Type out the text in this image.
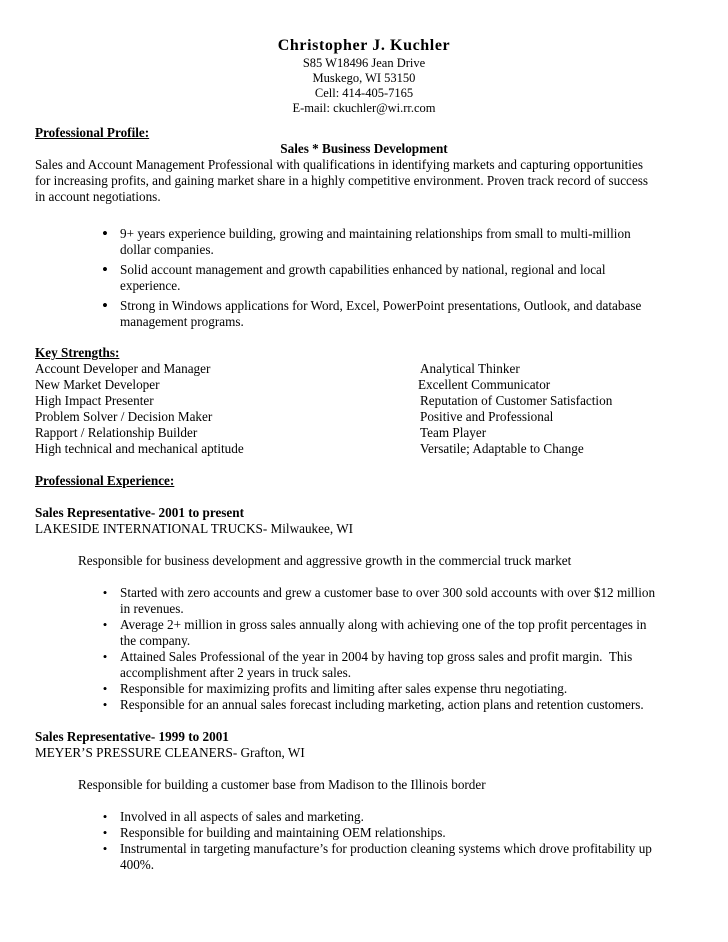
Christopher J. Kuchler
S85 W18496 Jean Drive
Muskego, WI 53150
Cell: 414-405-7165
E-mail: ckuchler@wi.rr.com
Professional Profile:
Sales * Business Development
Sales and Account Management Professional with qualifications in identifying markets and capturing opportunities
for increasing profits, and gaining market share in a highly competitive environment. Proven track record of success
in account negotiations.
• 9+ years experience building, growing and maintaining relationships from small to multi-million
dollar companies.
• Solid account management and growth capabilities enhanced by national, regional and local
experience.
• Strong in Windows applications for Word, Excel, PowerPoint presentations, Outlook, and database
management programs.
Key Strengths:
Account Developer and Manager
New Market Developer
High Impact Presenter
Problem Solver / Decision Maker
Rapport / Relationship Builder
High technical and mechanical aptitude
Analytical Thinker
Excellent Communicator
Reputation of Customer Satisfaction
Positive and Professional
Team Player
Versatile; Adaptable to Change
Professional Experience:
Sales Representative- 2001 to present
LAKESIDE INTERNATIONAL TRUCKS- Milwaukee, WI
Responsible for business development and aggressive growth in the commercial truck market
• Started with zero accounts and grew a customer base to over 300 sold accounts with over $12 million
in revenues.
• Average 2+ million in gross sales annually along with achieving one of the top profit percentages in
the company.
• Attained Sales Professional of the year in 2004 by having top gross sales and profit margin.  This
accomplishment after 2 years in truck sales.
• Responsible for maximizing profits and limiting after sales expense thru negotiating.
• Responsible for an annual sales forecast including marketing, action plans and retention customers.
Sales Representative- 1999 to 2001
MEYER’S PRESSURE CLEANERS- Grafton, WI
Responsible for building a customer base from Madison to the Illinois border
• Involved in all aspects of sales and marketing.
• Responsible for building and maintaining OEM relationships.
• Instrumental in targeting manufacture’s for production cleaning systems which drove profitability up
400%.
